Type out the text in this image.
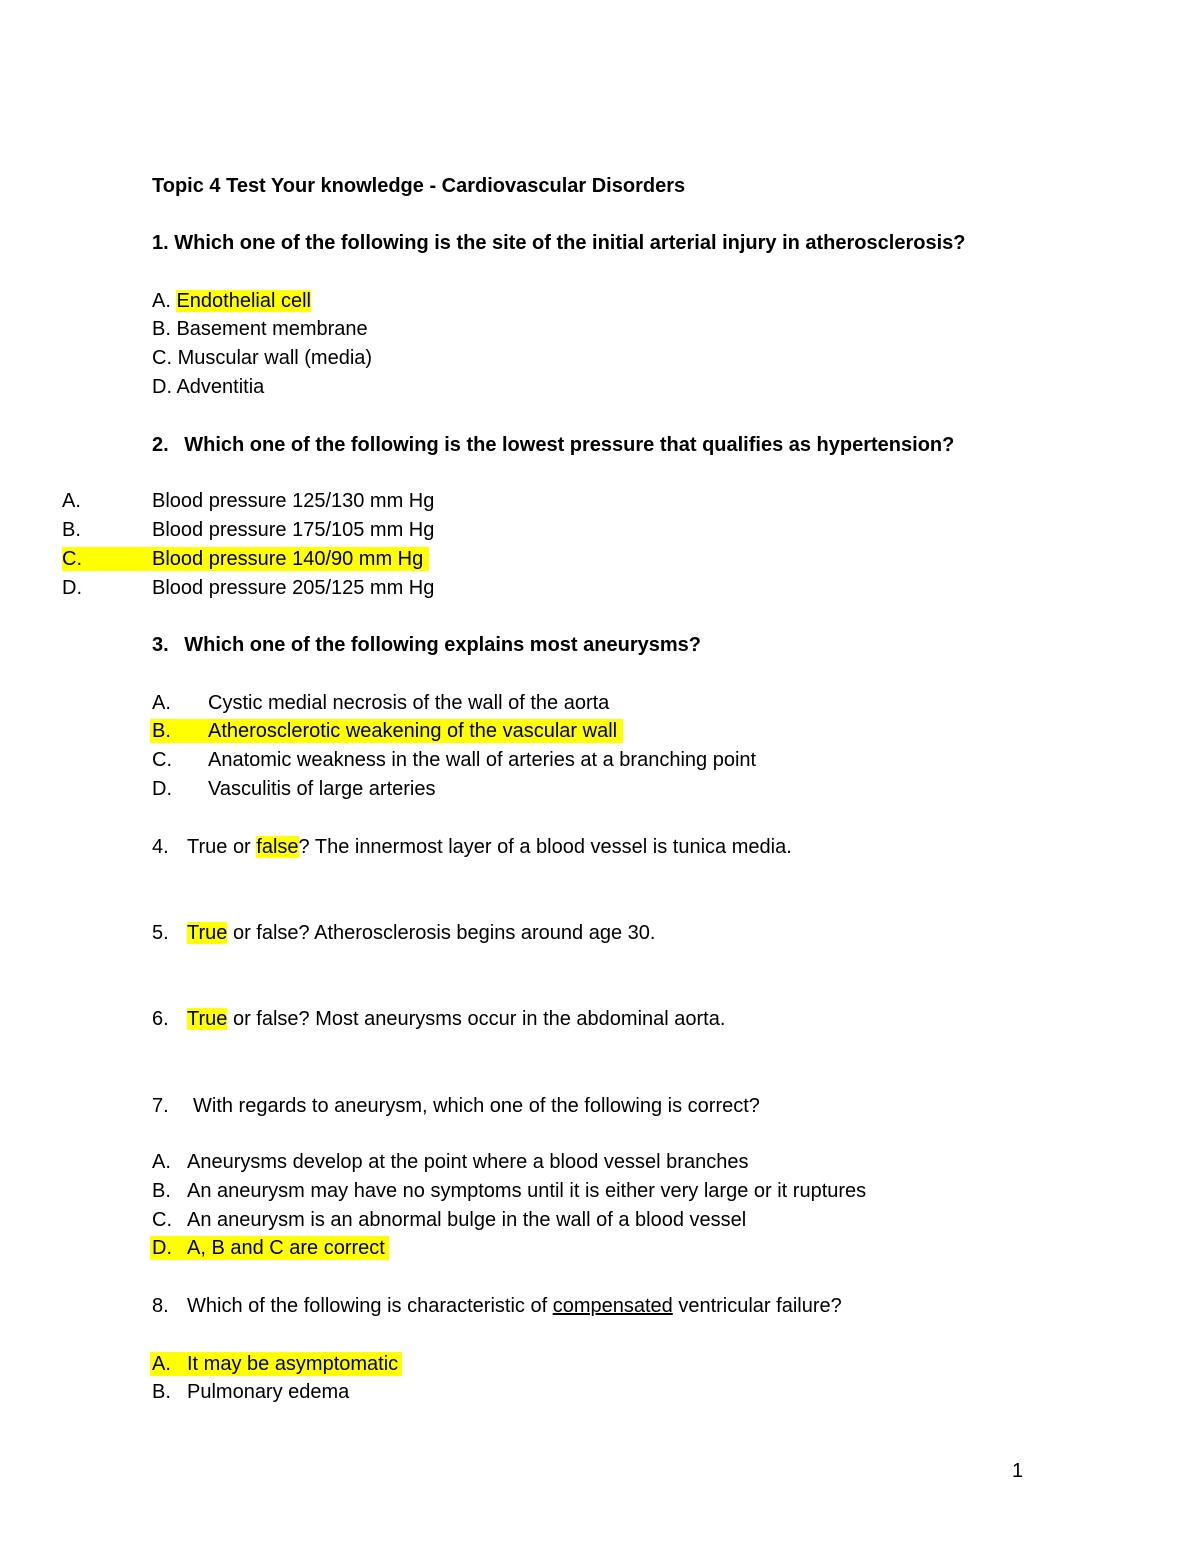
Topic 4 Test Your knowledge - Cardiovascular Disorders
1. Which one of the following is the site of the initial arterial injury in atherosclerosis?
A. Endothelial cell
B. Basement membrane
C. Muscular wall (media)
D. Adventitia
2. Which one of the following is the lowest pressure that qualifies as hypertension?
A.	Blood pressure 125/130 mm Hg
B.	Blood pressure 175/105 mm Hg
C.	Blood pressure 140/90 mm Hg
D.	Blood pressure 205/125 mm Hg
3. Which one of the following explains most aneurysms?
A. Cystic medial necrosis of the wall of the aorta
B. Atherosclerotic weakening of the vascular wall
C. Anatomic weakness in the wall of arteries at a branching point
D. Vasculitis of large arteries
4. True or false? The innermost layer of a blood vessel is tunica media.
5. True or false? Atherosclerosis begins around age 30.
6. True or false? Most aneurysms occur in the abdominal aorta.
7. With regards to aneurysm, which one of the following is correct?
A. Aneurysms develop at the point where a blood vessel branches
B. An aneurysm may have no symptoms until it is either very large or it ruptures
C. An aneurysm is an abnormal bulge in the wall of a blood vessel
D. A, B and C are correct
8. Which of the following is characteristic of compensated ventricular failure?
A. It may be asymptomatic
B. Pulmonary edema
1
